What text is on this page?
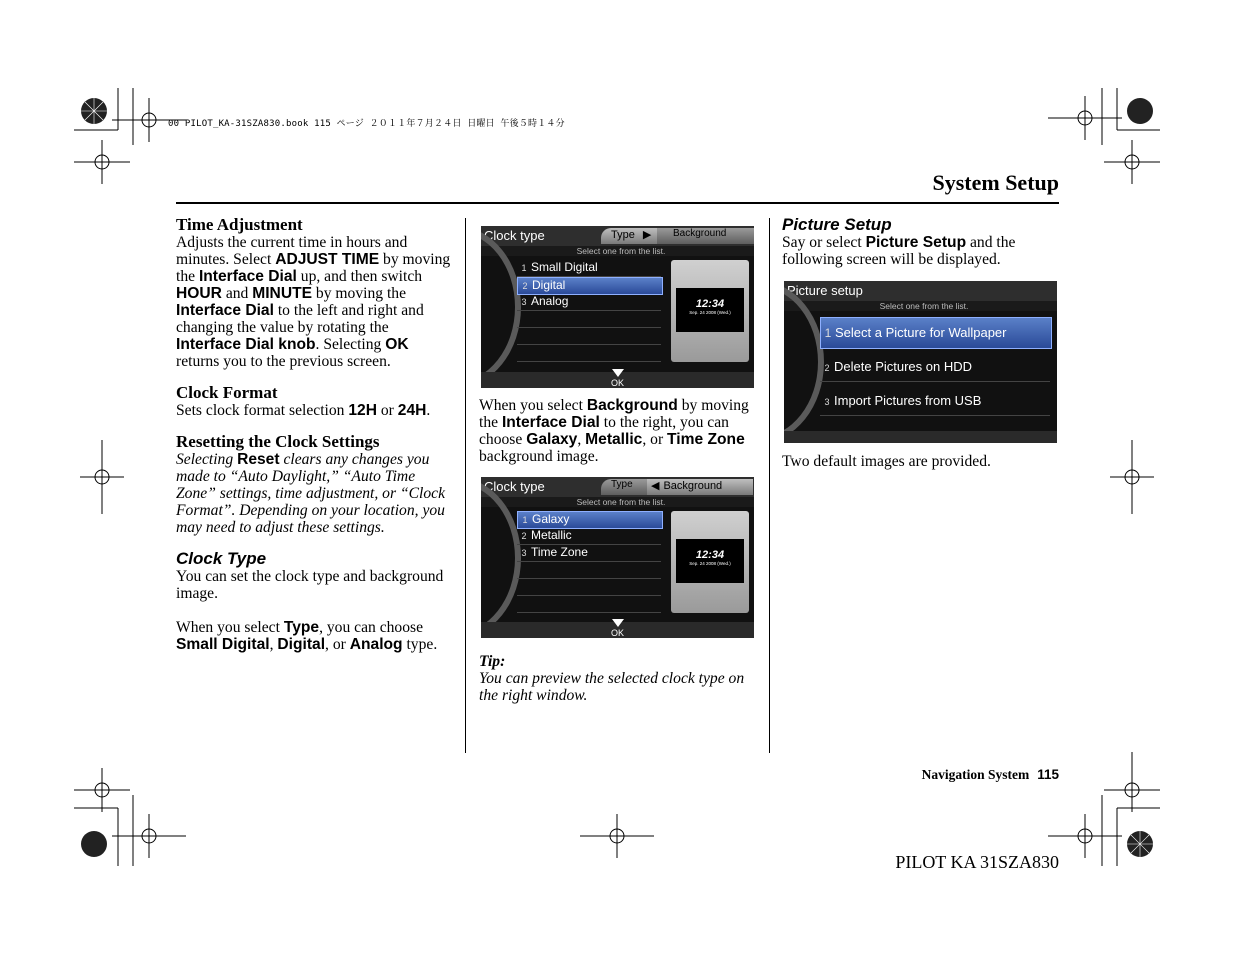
00 PILOT_KA-31SZA830.book 115 ページ ２０１１年７月２４日 日曜日 午後５時１４分
System Setup

Time Adjustment

Adjusts the current time in hours and minutes. Select ADJUST TIME by moving the Interface Dial up, and then switch HOUR and MINUTE by moving the Interface Dial to the left and right and changing the value by rotating the Interface Dial knob. Selecting OK returns you to the previous screen.

Clock Format

Sets clock format selection 12H or 24H.

Resetting the Clock Settings

Selecting Reset clears any changes you made to “Auto Daylight,” “Auto Time Zone” settings, time adjustment, or “Clock Format”. Depending on your location, you may need to adjust these settings.

Clock Type

You can set the clock type and background image.

When you select Type, you can choose Small Digital, Digital, or Analog type.

Clock type	Type ▶	Background
Select one from the list.
1 Small Digital
2 Digital
3 Analog	12:34
Sep. 24 2008 (Wed.)
OK

When you select Background by moving the Interface Dial to the right, you can choose Galaxy, Metallic, or Time Zone background image.

Clock type	Type	◀ Background
Select one from the list.
1 Galaxy
2 Metallic
3 Time Zone	12:34
Sep. 24 2008 (Wed.)
OK

Tip:

You can preview the selected clock type on the right window.

Picture Setup

Say or select Picture Setup and the following screen will be displayed.

Picture setup
Select one from the list.
1 Select a Picture for Wallpaper
2 Delete Pictures on HDD
3 Import Pictures from USB

Two default images are provided.

Navigation System 115
PILOT KA 31SZA830
